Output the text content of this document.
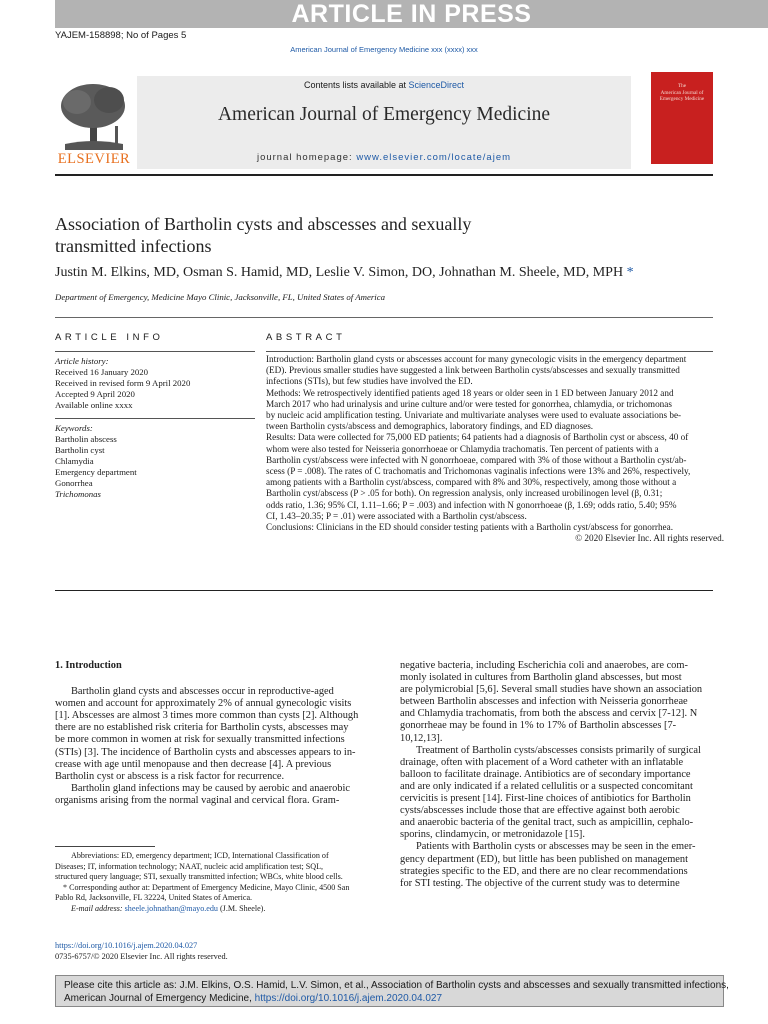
ARTICLE IN PRESS
YAJEM-158898; No of Pages 5
American Journal of Emergency Medicine xxx (xxxx) xxx
ELSEVIER
Contents lists available at ScienceDirect
American Journal of Emergency Medicine
journal homepage: www.elsevier.com/locate/ajem
The
American Journal of
Emergency Medicine
Association of Bartholin cysts and abscesses and sexually
transmitted infections
Justin M. Elkins, MD, Osman S. Hamid, MD, Leslie V. Simon, DO, Johnathan M. Sheele, MD, MPH *
Department of Emergency, Medicine Mayo Clinic, Jacksonville, FL, United States of America
ARTICLE INFO	ABSTRACT
Article history:
Received 16 January 2020
Received in revised form 9 April 2020
Accepted 9 April 2020
Available online xxxx
Keywords:
Bartholin abscess
Bartholin cyst
Chlamydia
Emergency department
Gonorrhea
Trichomonas
Introduction: Bartholin gland cysts or abscesses account for many gynecologic visits in the emergency department
(ED). Previous smaller studies have suggested a link between Bartholin cysts/abscesses and sexually transmitted
infections (STIs), but few studies have involved the ED.
Methods: We retrospectively identified patients aged 18 years or older seen in 1 ED between January 2012 and
March 2017 who had urinalysis and urine culture and/or were tested for gonorrhea, chlamydia, or trichomonas
by nucleic acid amplification testing. Univariate and multivariate analyses were used to evaluate associations be-
tween Bartholin cysts/abscess and demographics, laboratory findings, and ED diagnoses.
Results: Data were collected for 75,000 ED patients; 64 patients had a diagnosis of Bartholin cyst or abscess, 40 of
whom were also tested for Neisseria gonorrhoeae or Chlamydia trachomatis. Ten percent of patients with a
Bartholin cyst/abscess were infected with N gonorrhoeae, compared with 3% of those without a Bartholin cyst/ab-
scess (P = .008). The rates of C trachomatis and Trichomonas vaginalis infections were 13% and 26%, respectively,
among patients with a Bartholin cyst/abscess, compared with 8% and 30%, respectively, among those without a
Bartholin cyst/abscess (P > .05 for both). On regression analysis, only increased urobilinogen level (β, 0.31;
odds ratio, 1.36; 95% CI, 1.11–1.66; P = .003) and infection with N gonorrhoeae (β, 1.69; odds ratio, 5.40; 95%
CI, 1.43–20.35; P = .01) were associated with a Bartholin cyst/abscess.
Conclusions: Clinicians in the ED should consider testing patients with a Bartholin cyst/abscess for gonorrhea.
© 2020 Elsevier Inc. All rights reserved.
1. Introduction
Bartholin gland cysts and abscesses occur in reproductive-aged
women and account for approximately 2% of annual gynecologic visits
[1]. Abscesses are almost 3 times more common than cysts [2]. Although
there are no established risk criteria for Bartholin cysts, abscesses may
be more common in women at risk for sexually transmitted infections
(STIs) [3]. The incidence of Bartholin cysts and abscesses appears to in-
crease with age until menopause and then decrease [4]. A previous
Bartholin cyst or abscess is a risk factor for recurrence.
Bartholin gland infections may be caused by aerobic and anaerobic
organisms arising from the normal vaginal and cervical flora. Gram-
negative bacteria, including Escherichia coli and anaerobes, are com-
monly isolated in cultures from Bartholin gland abscesses, but most
are polymicrobial [5,6]. Several small studies have shown an association
between Bartholin abscesses and infection with Neisseria gonorrheae
and Chlamydia trachomatis, from both the abscess and cervix [7-12]. N
gonorrheae may be found in 1% to 17% of Bartholin abscesses [7-
10,12,13].
Treatment of Bartholin cysts/abscesses consists primarily of surgical
drainage, often with placement of a Word catheter with an inflatable
balloon to facilitate drainage. Antibiotics are of secondary importance
and are only indicated if a related cellulitis or a suspected concomitant
cervicitis is present [14]. First-line choices of antibiotics for Bartholin
cysts/abscesses include those that are effective against both aerobic
and anaerobic bacteria of the genital tract, such as ampicillin, cephalo-
sporins, clindamycin, or metronidazole [15].
Patients with Bartholin cysts or abscesses may be seen in the emer-
gency department (ED), but little has been published on management
strategies specific to the ED, and there are no clear recommendations
for STI testing. The objective of the current study was to determine
Abbreviations: ED, emergency department; ICD, International Classification of
Diseases; IT, information technology; NAAT, nucleic acid amplification test; SQL,
structured query language; STI, sexually transmitted infection; WBCs, white blood cells.
* Corresponding author at: Department of Emergency Medicine, Mayo Clinic, 4500 San
Pablo Rd, Jacksonville, FL 32224, United States of America.
E-mail address: sheele.johnathan@mayo.edu (J.M. Sheele).
https://doi.org/10.1016/j.ajem.2020.04.027
0735-6757/© 2020 Elsevier Inc. All rights reserved.
Please cite this article as: J.M. Elkins, O.S. Hamid, L.V. Simon, et al., Association of Bartholin cysts and abscesses and sexually transmitted infections,
American Journal of Emergency Medicine, https://doi.org/10.1016/j.ajem.2020.04.027
